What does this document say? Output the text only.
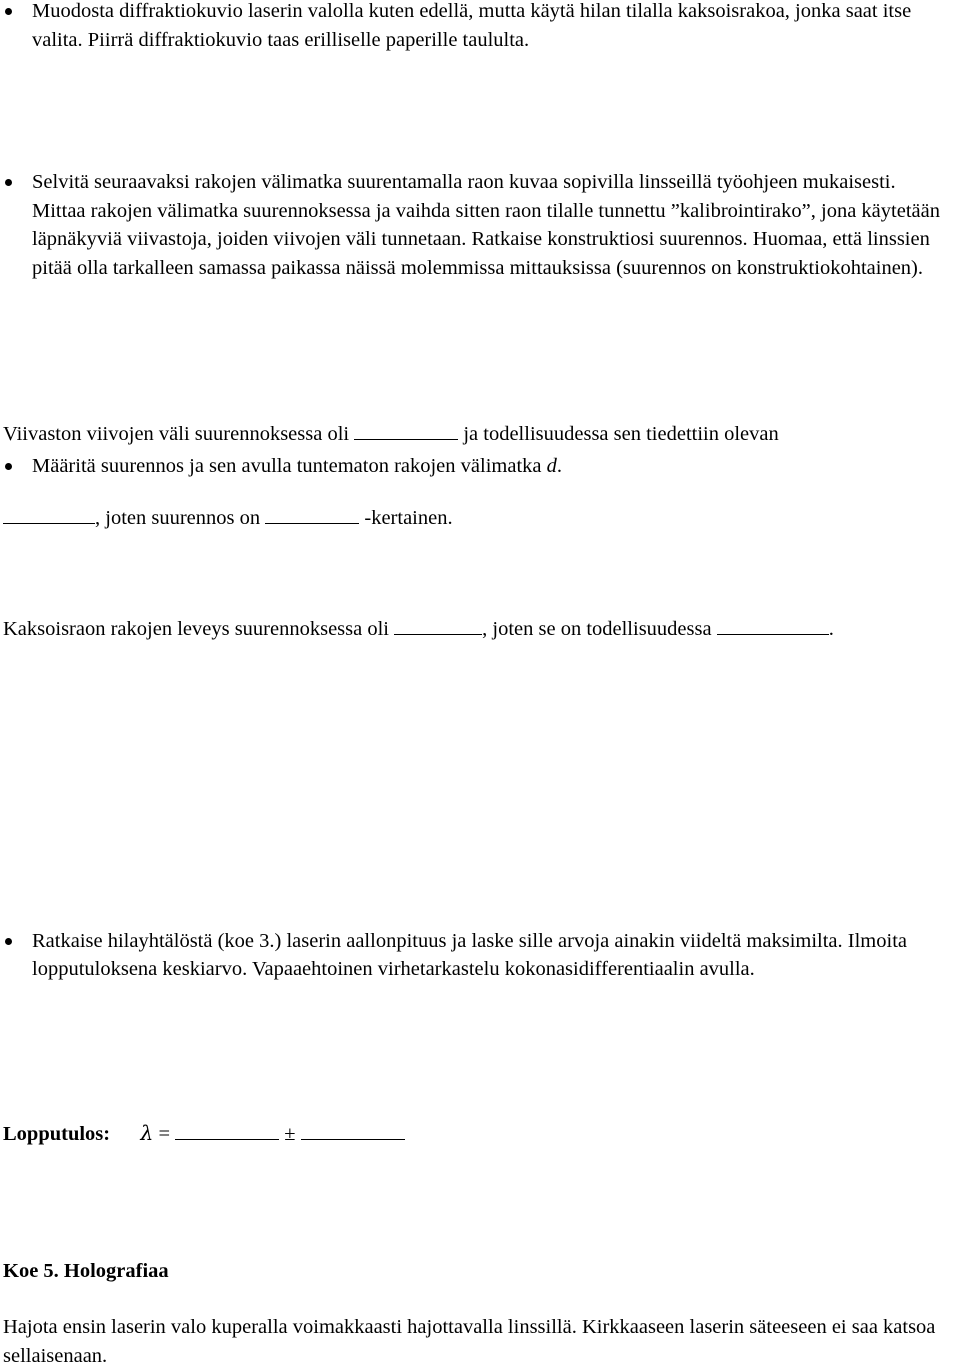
Muodosta diffraktiokuvio laserin valolla kuten edellä, mutta käytä hilan tilalla kaksoisrakoa, jonka saat itse valita. Piirrä diffraktiokuvio taas erilliselle paperille taululta.
Selvitä seuraavaksi rakojen välimatka suurentamalla raon kuvaa sopivilla linsseillä työohjeen mukaisesti. Mittaa rakojen välimatka suurennoksessa ja vaihda sitten raon tilalle tunnettu ”kalibrointirako”, jona käytetään läpnäkyviä viivastoja, joiden viivojen väli tunnetaan. Ratkaise konstruktiosi suurennos. Huomaa, että linssien pitää olla tarkalleen samassa paikassa näissä molemmissa mittauksissa (suurennos on konstruktiokohtainen).
Määritä suurennos ja sen avulla tuntematon rakojen välimatka d.
Viivaston viivojen väli suurennoksessa oli	ja todellisuudessa sen tiedettiin olevan
, joten suurennos on	-kertainen.
Kaksoisraon rakojen leveys suurennoksessa oli	, joten se on todellisuudessa	.
Ratkaise hilayhtälöstä (koe 3.) laserin aallonpituus ja laske sille arvoja ainakin viideltä maksimilta. Ilmoita lopputuloksena keskiarvo. Vapaaehtoinen virhetarkastelu kokonasidifferentiaalin avulla.
Lopputulos: λ =	±
Koe 5. Holografiaa
Hajota ensin laserin valo kuperalla voimakkaasti hajottavalla linssillä. Kirkkaaseen laserin säteeseen ei saa katsoa sellaisenaan.
